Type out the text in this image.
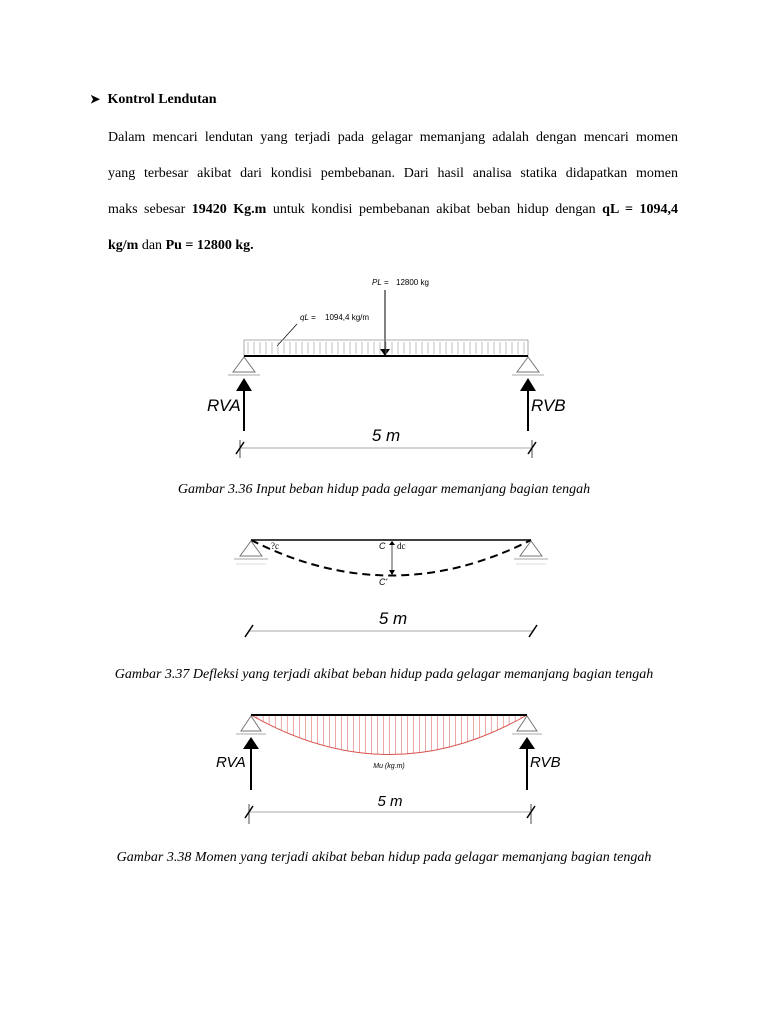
➤ Kontrol Lendutan
Dalam mencari lendutan yang terjadi pada gelagar memanjang adalah dengan mencari momen
yang terbesar akibat dari kondisi pembebanan. Dari hasil analisa statika didapatkan momen
maks sebesar 19420 Kg.m untuk kondisi pembebanan akibat beban hidup dengan qL = 1094,4
kg/m dan Pu = 12800 kg.
PL = 12800 kg
qL = 1094,4 kg/m
RVA	RVB
5 m
Gambar 3.36 Input beban hidup pada gelagar memanjang bagian tengah
?c	C dc
C'
5 m
Gambar 3.37 Defleksi yang terjadi akibat beban hidup pada gelagar memanjang bagian tengah
RVA	RVB
Mu (kg.m)
5 m
Gambar 3.38 Momen yang terjadi akibat beban hidup pada gelagar memanjang bagian tengah
